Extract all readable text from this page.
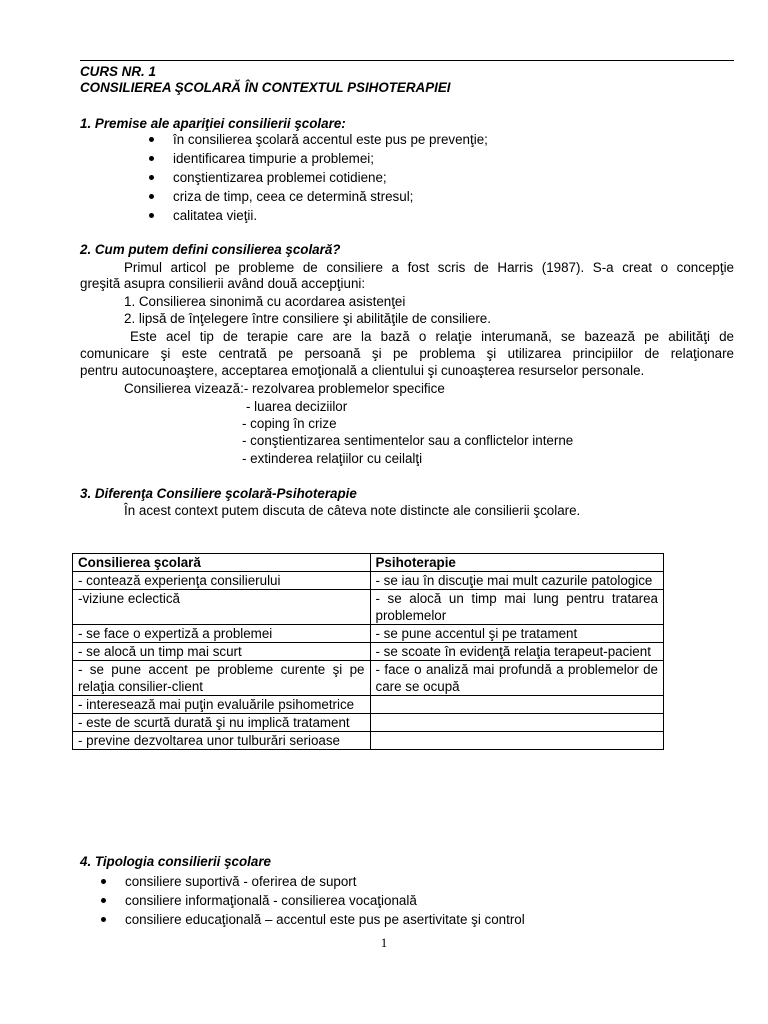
CURS NR. 1
CONSILIEREA ŞCOLARĂ ÎN CONTEXTUL PSIHOTERAPIEI
1. Premise ale apariţiei consilierii şcolare:
în consilierea şcolară accentul este pus pe prevenţie;
identificarea timpurie a problemei;
conştientizarea problemei cotidiene;
criza de timp, ceea ce determină stresul;
calitatea vieţii.
2. Cum putem defini consilierea şcolară?
Primul articol pe probleme de consiliere a fost scris de Harris (1987). S-a creat o concepţie
greşită asupra consilierii având două accepţiuni:
1. Consilierea sinonimă cu acordarea asistenţei
2. lipsă de înţelegere între consiliere şi abilităţile de consiliere.
Este acel tip de terapie care are la bază o relaţie interumană, se bazează pe abilităţi de
comunicare şi este centrată pe persoană şi pe problema şi utilizarea principiilor de relaţionare
pentru autocunoaştere, acceptarea emoţională a clientului şi cunoaşterea resurselor personale.
Consilierea vizează:- rezolvarea problemelor specifice
- luarea deciziilor
- coping în crize
- conştientizarea sentimentelor sau a conflictelor interne
- extinderea relaţiilor cu ceilalţi
3. Diferenţa Consiliere şcolară-Psihoterapie
În acest context putem discuta de câteva note distincte ale consilierii şcolare.
Consilierea şcolară	Psihoterapie
- contează experienţa consilierului	- se iau în discuţie mai mult cazurile patologice
-viziune eclectică	- se alocă un timp mai lung pentru tratarea problemelor
- se face o expertiză a problemei	- se pune accentul şi pe tratament
- se alocă un timp mai scurt	- se scoate în evidenţă relaţia terapeut-pacient
- se pune accent pe probleme curente şi pe relaţia consilier-client	- face o analiză mai profundă a problemelor de care se ocupă
- interesează mai puţin evaluările psihometrice	
- este de scurtă durată şi nu implică tratament	
- previne dezvoltarea unor tulburări serioase	
4. Tipologia consilierii şcolare
consiliere suportivă - oferirea de suport
consiliere informaţională - consilierea vocaţională
consiliere educaţională – accentul este pus pe asertivitate şi control
1
